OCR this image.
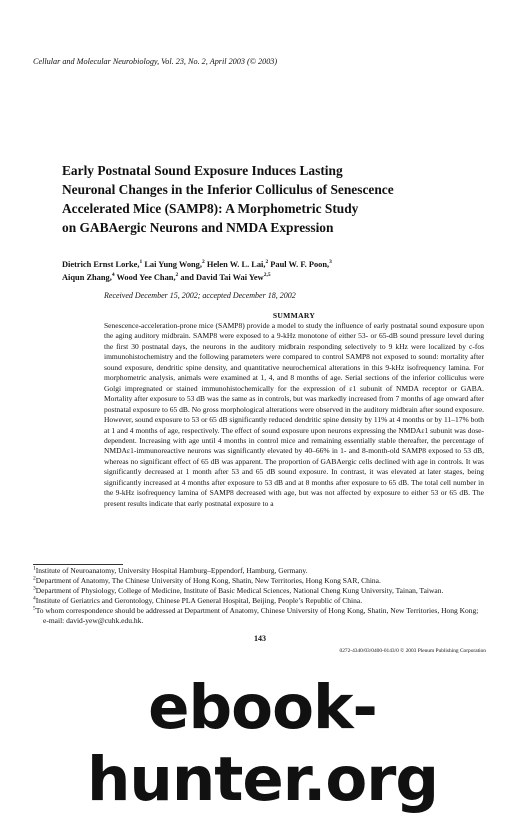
Cellular and Molecular Neurobiology, Vol. 23, No. 2, April 2003 (© 2003)
Early Postnatal Sound Exposure Induces Lasting
Neuronal Changes in the Inferior Colliculus of Senescence
Accelerated Mice (SAMP8): A Morphometric Study
on GABAergic Neurons and NMDA Expression
Dietrich Ernst Lorke,$^1$ Lai Yung Wong,$^2$ Helen W. L. Lai,$^2$ Paul W. F. Poon,$^3$
Aiqun Zhang,$^4$ Wood Yee Chan,$^2$ and David Tai Wai Yew$^{2,5}$
Received December 15, 2002; accepted December 18, 2002
SUMMARY
Senescence-acceleration-prone mice (SAMP8) provide a model to study the influence of early postnatal sound exposure upon the aging auditory midbrain. SAMP8 were exposed to a 9-kHz monotone of either 53- or 65-dB sound pressure level during the first 30 postnatal days, the neurons in the auditory midbrain responding selectively to 9 kHz were localized by c-fos immunohistochemistry and the following parameters were compared to control SAMP8 not exposed to sound: mortality after sound exposure, dendritic spine density, and quantitative neurochemical alterations in this 9-kHz isofrequency lamina. For morphometric analysis, animals were examined at 1, 4, and 8 months of age. Serial sections of the inferior colliculus were Golgi impregnated or stained immunohistochemically for the expression of ε1 subunit of NMDA receptor or GABA. Mortality after exposure to 53 dB was the same as in controls, but was markedly increased from 7 months of age onward after postnatal exposure to 65 dB. No gross morphological alterations were observed in the auditory midbrain after sound exposure. However, sound exposure to 53 or 65 dB significantly reduced dendritic spine density by 11% at 4 months or by 11–17% both at 1 and 4 months of age, respectively. The effect of sound exposure upon neurons expressing the NMDAε1 subunit was dose-dependent. Increasing with age until 4 months in control mice and remaining essentially stable thereafter, the percentage of NMDAε1-immunoreactive neurons was significantly elevated by 40–66% in 1- and 8-month-old SAMP8 exposed to 53 dB, whereas no significant effect of 65 dB was apparent. The proportion of GABAergic cells declined with age in controls. It was significantly decreased at 1 month after 53 and 65 dB sound exposure. In contrast, it was elevated at later stages, being significantly increased at 4 months after exposure to 53 dB and at 8 months after exposure to 65 dB. The total cell number in the 9-kHz isofrequency lamina of SAMP8 decreased with age, but was not affected by exposure to either 53 or 65 dB. The present results indicate that early postnatal exposure to a
$^1$Institute of Neuroanatomy, University Hospital Hamburg–Eppendorf, Hamburg, Germany.
$^2$Department of Anatomy, The Chinese University of Hong Kong, Shatin, New Territories, Hong Kong SAR, China.
$^3$Department of Physiology, College of Medicine, Institute of Basic Medical Sciences, National Cheng Kung University, Tainan, Taiwan.
$^4$Institute of Geriatrics and Gerontology, Chinese PLA General Hospital, Beijing, People’s Republic of China.
$^5$To whom correspondence should be addressed at Department of Anatomy, Chinese University of Hong Kong, Shatin, New Territories, Hong Kong; e-mail: david-yew@cuhk.edu.hk.
143
0272-4340/03/0400-0143/0 © 2003 Plenum Publishing Corporation
ebook-hunter.org
